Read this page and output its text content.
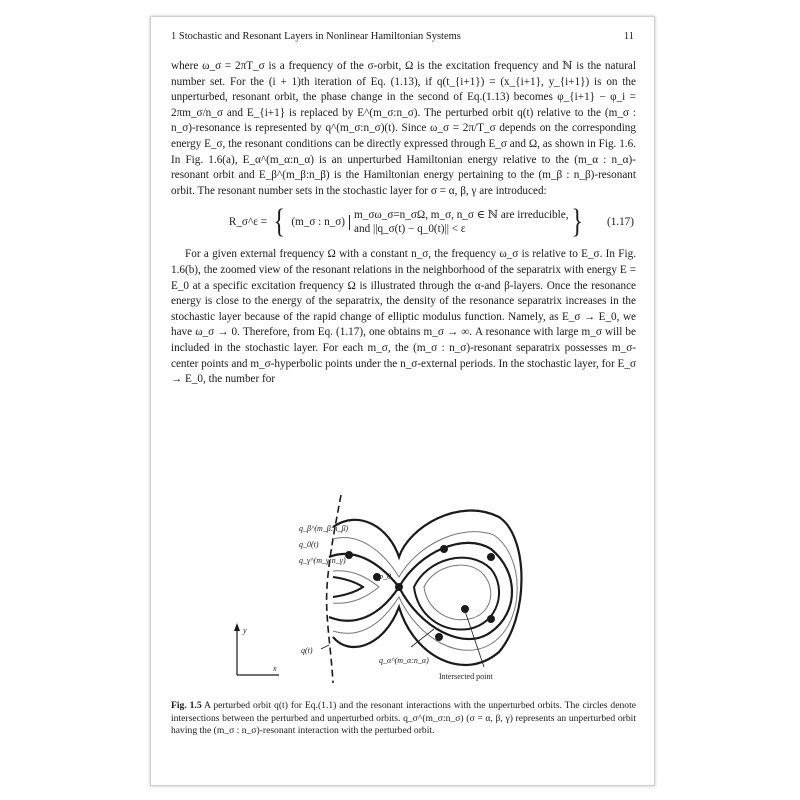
1 Stochastic and Resonant Layers in Nonlinear Hamiltonian Systems	11

where ω_σ = 2πT_σ is a frequency of the σ-orbit, Ω is the excitation frequency and ℕ is the natural number set. For the (i + 1)th iteration of Eq. (1.13), if q(t_{i+1}) = (x_{i+1}, y_{i+1}) is on the unperturbed, resonant orbit, the phase change in the second of Eq.(1.13) becomes φ_{i+1} − φ_i = 2πm_σ/n_σ and E_{i+1} is replaced by E^(m_σ:n_σ). The perturbed orbit q(t) relative to the (m_σ : n_σ)-resonance is represented by q^(m_σ:n_σ)(t). Since ω_σ = 2π/T_σ depends on the corresponding energy E_σ, the resonant conditions can be directly expressed through E_σ and Ω, as shown in Fig. 1.6. In Fig. 1.6(a), E_α^(m_α:n_α) is an unperturbed Hamiltonian energy relative to the (m_α : n_α)-resonant orbit and E_β^(m_β:n_β) is the Hamiltonian energy pertaining to the (m_β : n_β)-resonant orbit. The resonant number sets in the stochastic layer for σ = α, β, γ are introduced:

R_σ^ε = { (m_σ : n_σ)
m_σω_σ=n_σΩ, m_σ, n_σ ∈ ℕ are irreducible,
and ||q_σ(t) − q_0(t)|| < ε	} (1.17)

For a given external frequency Ω with a constant n_σ, the frequency ω_σ is relative to E_σ. In Fig. 1.6(b), the zoomed view of the resonant relations in the neighborhood of the separatrix with energy E = E_0 at a specific excitation frequency Ω is illustrated through the α-and β-layers. Once the resonance energy is close to the energy of the separatrix, the density of the resonance separatrix increases in the stochastic layer because of the rapid change of elliptic modulus function. Namely, as E_σ → E_0, we have ω_σ → 0. Therefore, from Eq. (1.17), one obtains m_σ → ∞. A resonance with large m_σ will be included in the stochastic layer. For each m_σ, the (m_σ : n_σ)-resonant separatrix possesses m_σ-center points and m_σ-hyperbolic points under the n_σ-external periods. In the stochastic layer, for E_σ → E_0, the number for

q_β^(m_β:n_β)
q_0(t)
q_γ^(m_γ:n_γ)
p_0
q(t)
q_α^(m_α:n_α)
Intersected point
y
x
Fig. 1.5 A perturbed orbit q(t) for Eq.(1.1) and the resonant interactions with the unperturbed orbits. The circles denote intersections between the perturbed and unperturbed orbits. q_σ^(m_σ:n_σ) (σ = α, β, γ) represents an unperturbed orbit having the (m_σ : n_σ)-resonant interaction with the perturbed orbit.
